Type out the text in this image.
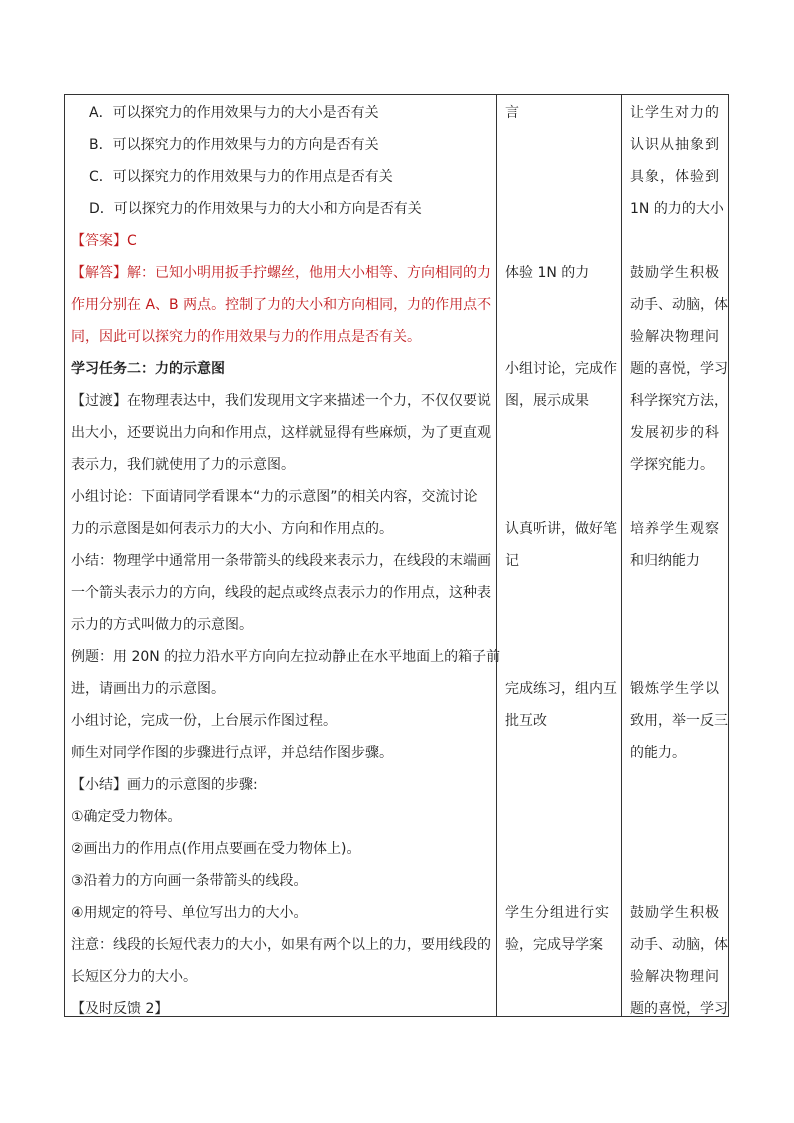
A．可以探究力的作用效果与力的大小是否有关
B．可以探究力的作用效果与力的方向是否有关
C．可以探究力的作用效果与力的作用点是否有关
D．可以探究力的作用效果与力的大小和方向是否有关
【答案】C
【解答】解：已知小明用扳手拧螺丝，他用大小相等、方向相同的力
作用分别在 A、B 两点。控制了力的大小和方向相同，力的作用点不
同，因此可以探究力的作用效果与力的作用点是否有关。
学习任务二：力的示意图
【过渡】在物理表达中，我们发现用文字来描述一个力，不仅仅要说
出大小，还要说出力向和作用点，这样就显得有些麻烦，为了更直观
表示力，我们就使用了力的示意图。
小组讨论：下面请同学看课本“力的示意图”的相关内容，交流讨论
力的示意图是如何表示力的大小、方向和作用点的。
小结：物理学中通常用一条带箭头的线段来表示力，在线段的末端画
一个箭头表示力的方向，线段的起点或终点表示力的作用点，这种表
示力的方式叫做力的示意图。
例题：用 20N 的拉力沿水平方向向左拉动静止在水平地面上的箱子前
进，请画出力的示意图。
小组讨论，完成一份，上台展示作图过程。
师生对同学作图的步骤进行点评，并总结作图步骤。
【小结】画力的示意图的步骤:
①确定受力物体。
②画出力的作用点(作用点要画在受力物体上)。
③沿着力的方向画一条带箭头的线段。
④用规定的符号、单位写出力的大小。
注意：线段的长短代表力的大小，如果有两个以上的力，要用线段的
长短区分力的大小。
【及时反馈 2】
言
体验 1N 的力
小组讨论，完成作
图，展示成果
认真听讲，做好笔
记
完成练习，组内互
批互改
学生分组进行实
验，完成导学案
让学生对力的
认识从抽象到
具象，体验到
1N 的力的大小
鼓励学生积极
动手、动脑，体
验解决物理问
题的喜悦，学习
科学探究方法，
发展初步的科
学探究能力。
培养学生观察
和归纳能力
锻炼学生学以
致用，举一反三
的能力。
鼓励学生积极
动手、动脑，体
验解决物理问
题的喜悦，学习
